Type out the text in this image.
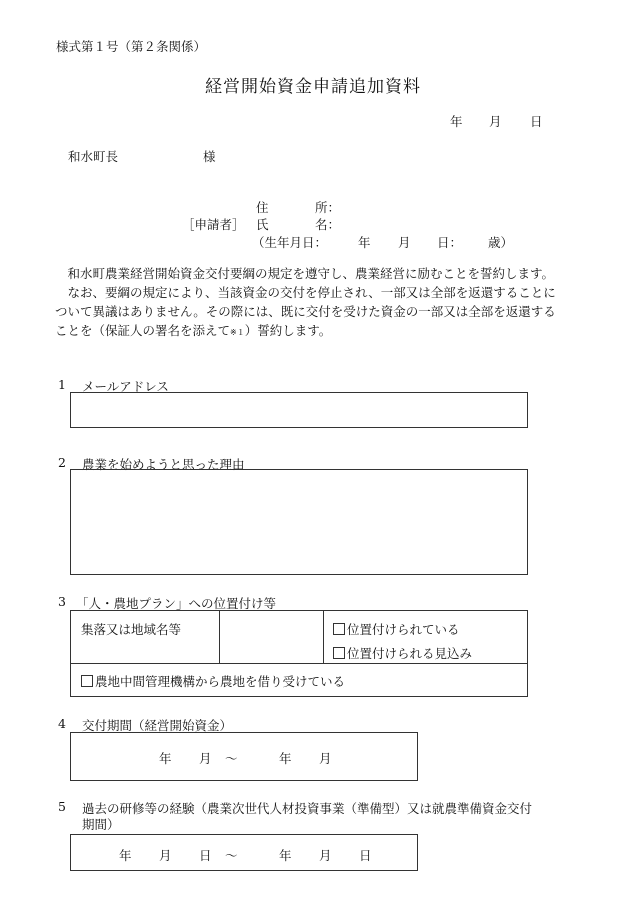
様式第１号（第２条関係）
経営開始資金申請追加資料
年 月 日
和水町長	様
住	所：
［申請者］ 氏	名：
（生年月日： 年 月 日： 歳）

和水町農業経営開始資金交付要綱の規定を遵守し、農業経営に励むことを誓約します。

なお、要綱の規定により、当該資金の交付を停止され、一部又は全部を返還することについて異議はありません。その際には、既に交付を受けた資金の一部又は全部を返還することを（保証人の署名を添えて※１）誓約します。

1 メールアドレス
2 農業を始めようと思った理由
3 「人・農地プラン」への位置付け等
集落又は地域名等	位置付けられている
位置付けられる見込み
農地中間管理機構から農地を借り受けている
4 交付期間（経営開始資金）
年 月 〜	年 月
5 過去の研修等の経験（農業次世代人材投資事業（準備型）又は就農準備資金交付
期間）
年 月 日 〜	年 月 日
